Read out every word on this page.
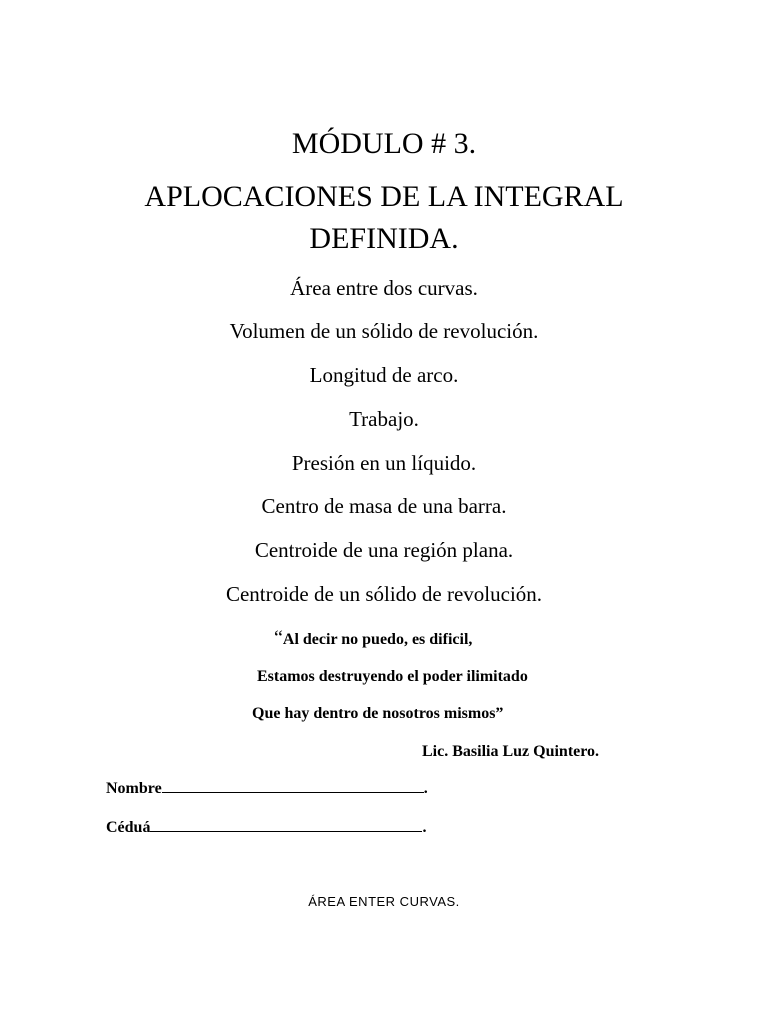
MÓDULO # 3.
APLOCACIONES DE LA INTEGRAL
DEFINIDA.
Área entre dos curvas.
Volumen de un sólido de revolución.
Longitud de arco.
Trabajo.
Presión en un líquido.
Centro de masa de una barra.
Centroide de una región plana.
Centroide de un sólido de revolución.
“Al decir no puedo, es dificil,
Estamos destruyendo el poder ilimitado
Que hay dentro de nosotros mismos”
Lic. Basilia Luz Quintero.
Nombre	.
Céduá	.
ÁREA ENTER CURVAS.
